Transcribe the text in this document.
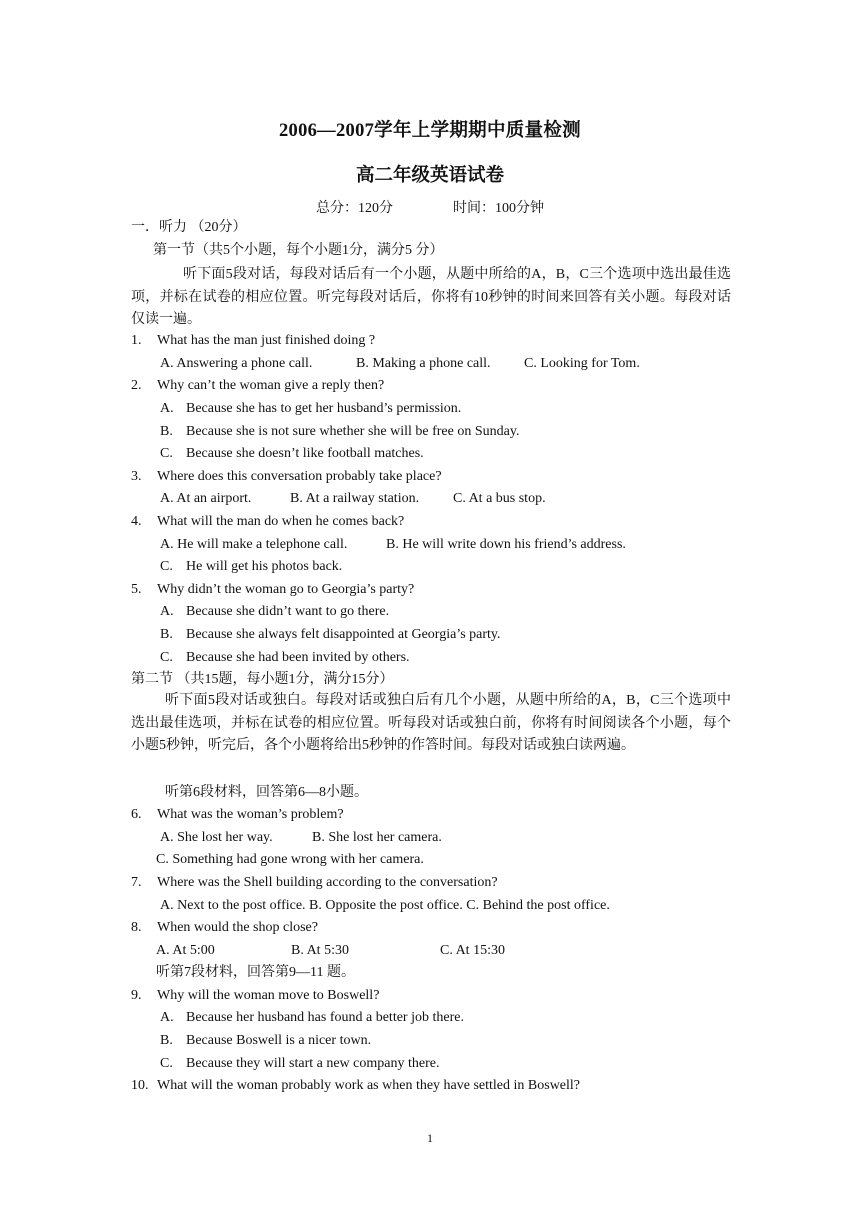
2006—2007学年上学期期中质量检测
高二年级英语试卷
总分：120分	时间：100分钟
一．听力 （20分）
第一节（共5个小题，每个小题1分，满分5 分）
听下面5段对话，每段对话后有一个小题，从题中所给的A，B，C三个选项中选出最佳选项，并标在试卷的相应位置。听完每段对话后，你将有10秒钟的时间来回答有关小题。每段对话仅读一遍。
1. What has the man just finished doing ?
A. Answering a phone call.	B. Making a phone call. C. Looking for Tom.
2. Why can’t the woman give a reply then?
A. Because she has to get her husband’s permission.
B. Because she is not sure whether she will be free on Sunday.
C. Because she doesn’t like football matches.
3. Where does this conversation probably take place?
A. At an airport.	B. At a railway station. C. At a bus stop.
4. What will the man do when he comes back?
A. He will make a telephone call.	B. He will write down his friend’s address.
C. He will get his photos back.
5. Why didn’t the woman go to Georgia’s party?
A. Because she didn’t want to go there.
B. Because she always felt disappointed at Georgia’s party.
C. Because she had been invited by others.
第二节 （共15题，每小题1分，满分15分）
听下面5段对话或独白。每段对话或独白后有几个小题，从题中所给的A，B，C三个选项中选出最佳选项，并标在试卷的相应位置。听每段对话或独白前，你将有时间阅读各个小题，每个小题5秒钟，听完后，各个小题将给出5秒钟的作答时间。每段对话或独白读两遍。
听第6段材料，回答第6—8小题。
6. What was the woman’s problem?
A. She lost her way.	B. She lost her camera.
C. Something had gone wrong with her camera.
7. Where was the Shell building according to the conversation?
A. Next to the post office. B. Opposite the post office. C. Behind the post office.
8. When would the shop close?
A. At 5:00	B. At 5:30	C. At 15:30
听第7段材料，回答第9—11 题。
9. Why will the woman move to Boswell?
A. Because her husband has found a better job there.
B. Because Boswell is a nicer town.
C. Because they will start a new company there.
10. What will the woman probably work as when they have settled in Boswell?
1
